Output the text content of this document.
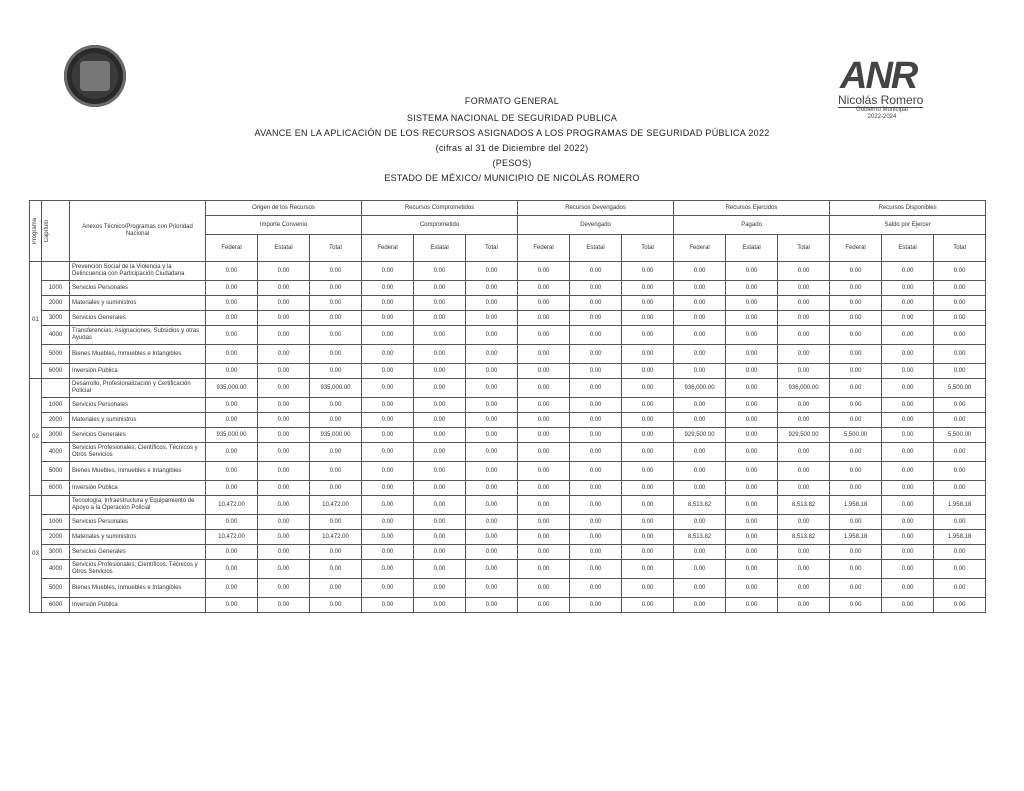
ANR
Nicolás Romero
Gobierno Municipal
2022-2024
FORMATO GENERAL
SISTEMA NACIONAL DE SEGURIDAD PUBLICA
AVANCE EN LA APLICACIÓN DE LOS RECURSOS ASIGNADOS A LOS PROGRAMAS DE SEGURIDAD PÚBLICA 2022
(cifras al 31 de Diciembre del 2022)
(PESOS)
ESTADO DE MÉXICO/ MUNICIPIO DE NICOLÁS ROMERO
Programa	Capítulo	Anexos Técnico/Programas con Prioridad Nacional	Origen de los Recursos			Recursos Comprometidos			Recursos Devengados			Recursos Ejercidos			Recursos Disponibles		
			Importe Convenio			Comprometido			Devengado			Pagado			Saldo por Ejercer		
			Federal	Estatal	Total	Federal	Estatal	Total	Federal	Estatal	Total	Federal	Estatal	Total	Federal	Estatal	Total
01		Prevención Social de la Violencia y la Delincuencia con Participación Ciudadana	0.00	0.00	0.00	0.00	0.00	0.00	0.00	0.00	0.00	0.00	0.00	0.00	0.00	0.00	0.00
	1000	Servicios Personales	0.00	0.00	0.00	0.00	0.00	0.00	0.00	0.00	0.00	0.00	0.00	0.00	0.00	0.00	0.00
	2000	Materiales y suministros	0.00	0.00	0.00	0.00	0.00	0.00	0.00	0.00	0.00	0.00	0.00	0.00	0.00	0.00	0.00
	3000	Servicios Generales	0.00	0.00	0.00	0.00	0.00	0.00	0.00	0.00	0.00	0.00	0.00	0.00	0.00	0.00	0.00
	4000	Transferencias, Asignaciones, Subsidios y otras Ayudas	0.00	0.00	0.00	0.00	0.00	0.00	0.00	0.00	0.00	0.00	0.00	0.00	0.00	0.00	0.00
	5000	Bienes Muebles, Inmuebles e Intangibles	0.00	0.00	0.00	0.00	0.00	0.00	0.00	0.00	0.00	0.00	0.00	0.00	0.00	0.00	0.00
	6000	Inversión Pública	0.00	0.00	0.00	0.00	0.00	0.00	0.00	0.00	0.00	0.00	0.00	0.00	0.00	0.00	0.00
02		Desarrollo, Profesionalización y Certificación Policial	935,000.00	0.00	935,000.00	0.00	0.00	0.00	0.00	0.00	0.00	936,000.00	0.00	936,000.00	0.00	0.00	5,500.00
	1000	Servicios Personales	0.00	0.00	0.00	0.00	0.00	0.00	0.00	0.00	0.00	0.00	0.00	0.00	0.00	0.00	0.00
	2000	Materiales y suministros	0.00	0.00	0.00	0.00	0.00	0.00	0.00	0.00	0.00	0.00	0.00	0.00	0.00	0.00	0.00
	3000	Servicios Generales	935,000.00	0.00	935,000.00	0.00	0.00	0.00	0.00	0.00	0.00	929,500.00	0.00	929,500.00	5,500.00	0.00	5,500.00
	4000	Servicios Profesionales, Científicos, Técnicos y Otros Servicios	0.00	0.00	0.00	0.00	0.00	0.00	0.00	0.00	0.00	0.00	0.00	0.00	0.00	0.00	0.00
	5000	Bienes Muebles, Inmuebles e Intangibles	0.00	0.00	0.00	0.00	0.00	0.00	0.00	0.00	0.00	0.00	0.00	0.00	0.00	0.00	0.00
	6000	Inversión Pública	0.00	0.00	0.00	0.00	0.00	0.00	0.00	0.00	0.00	0.00	0.00	0.00	0.00	0.00	0.00
03		Tecnología, Infraestructura y Equipamiento de Apoyo a la Operación Policial	10,472.00	0.00	10,472.00	0.00	0.00	0.00	0.00	0.00	0.00	8,513.82	0.00	8,513.82	1,958.18	0.00	1,958.18
	1000	Servicios Personales	0.00	0.00	0.00	0.00	0.00	0.00	0.00	0.00	0.00	0.00	0.00	0.00	0.00	0.00	0.00
	2000	Materiales y suministros	10,472.00	0.00	10,472.00	0.00	0.00	0.00	0.00	0.00	0.00	8,513.82	0.00	8,513.82	1,958.18	0.00	1,958.18
	3000	Servicios Generales	0.00	0.00	0.00	0.00	0.00	0.00	0.00	0.00	0.00	0.00	0.00	0.00	0.00	0.00	0.00
	4000	Servicios Profesionales, Científicos, Técnicos y Otros Servicios	0.00	0.00	0.00	0.00	0.00	0.00	0.00	0.00	0.00	0.00	0.00	0.00	0.00	0.00	0.00
	5000	Bienes Muebles, Inmuebles e Intangibles	0.00	0.00	0.00	0.00	0.00	0.00	0.00	0.00	0.00	0.00	0.00	0.00	0.00	0.00	0.00
	6000	Inversión Pública	0.00	0.00	0.00	0.00	0.00	0.00	0.00	0.00	0.00	0.00	0.00	0.00	0.00	0.00	0.00
